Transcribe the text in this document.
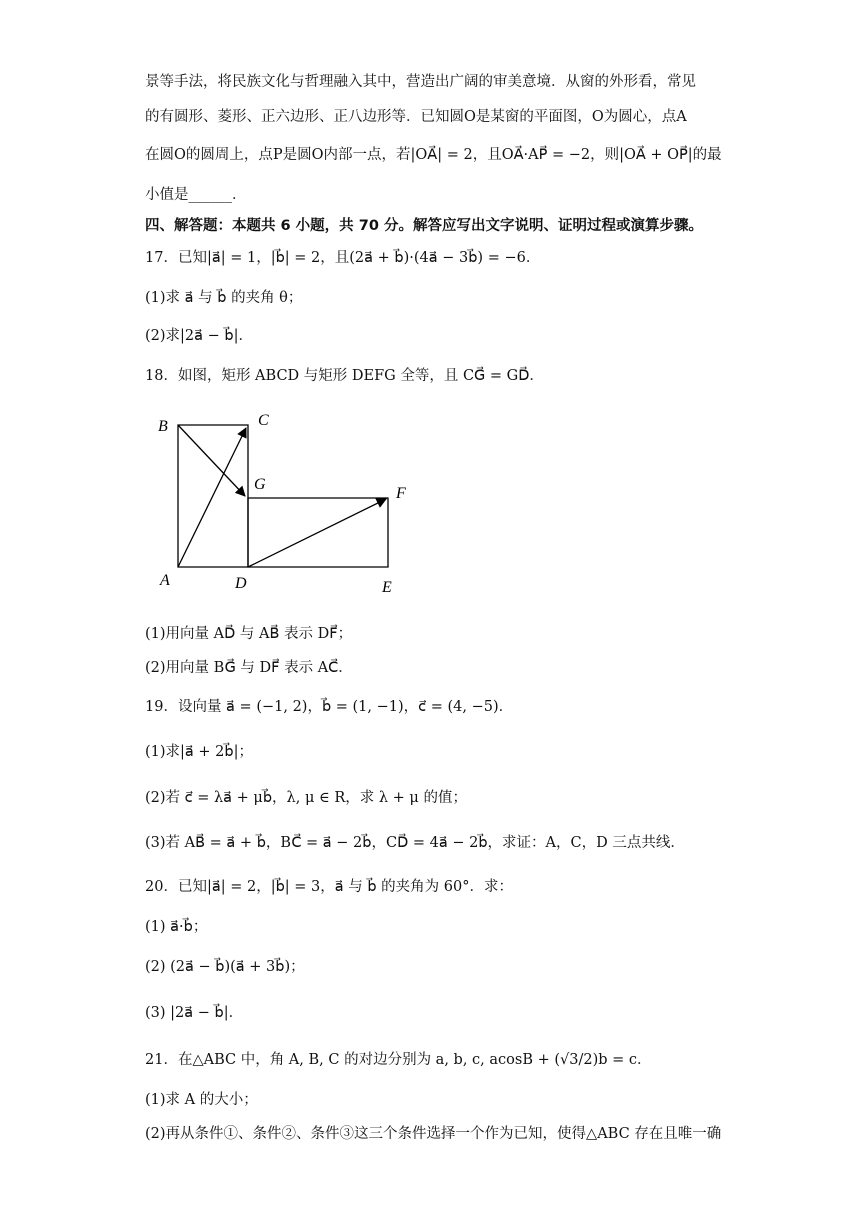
景等手法，将民族文化与哲理融入其中，营造出广阔的审美意境．从窗的外形看，常见
的有圆形、菱形、正六边形、正八边形等．已知圆O是某窗的平面图，O为圆心，点A
在圆O的圆周上，点P是圆O内部一点，若|OA⃗| = 2，且OA⃗·AP⃗ = −2，则|OA⃗ + OP⃗|的最
小值是______．
四、解答题：本题共 6 小题，共 70 分。解答应写出文字说明、证明过程或演算步骤。
17．已知|a⃗| = 1，|b⃗| = 2，且(2a⃗ + b⃗)·(4a⃗ − 3b⃗) = −6．
(1)求 a⃗ 与 b⃗ 的夹角 θ；
(2)求|2a⃗ − b⃗|．
18．如图，矩形 ABCD 与矩形 DEFG 全等，且 CG⃗ = GD⃗．
B	C
G
F
A	D	E
(1)用向量 AD⃗ 与 AB⃗ 表示 DF⃗；
(2)用向量 BG⃗ 与 DF⃗ 表示 AC⃗．
19．设向量 a⃗ = (−1, 2)，b⃗ = (1, −1)，c⃗ = (4, −5)．
(1)求|a⃗ + 2b⃗|；
(2)若 c⃗ = λa⃗ + μb⃗，λ, μ ∈ R，求 λ + μ 的值；
(3)若 AB⃗ = a⃗ + b⃗，BC⃗ = a⃗ − 2b⃗，CD⃗ = 4a⃗ − 2b⃗，求证：A，C，D 三点共线．
20．已知|a⃗| = 2，|b⃗| = 3，a⃗ 与 b⃗ 的夹角为 60°．求：
(1) a⃗·b⃗；
(2) (2a⃗ − b⃗)(a⃗ + 3b⃗)；
(3) |2a⃗ − b⃗|．
21．在△ABC 中，角 A, B, C 的对边分别为 a, b, c, acosB + (√3/2)b = c．
(1)求 A 的大小；
(2)再从条件①、条件②、条件③这三个条件选择一个作为已知，使得△ABC 存在且唯一确
